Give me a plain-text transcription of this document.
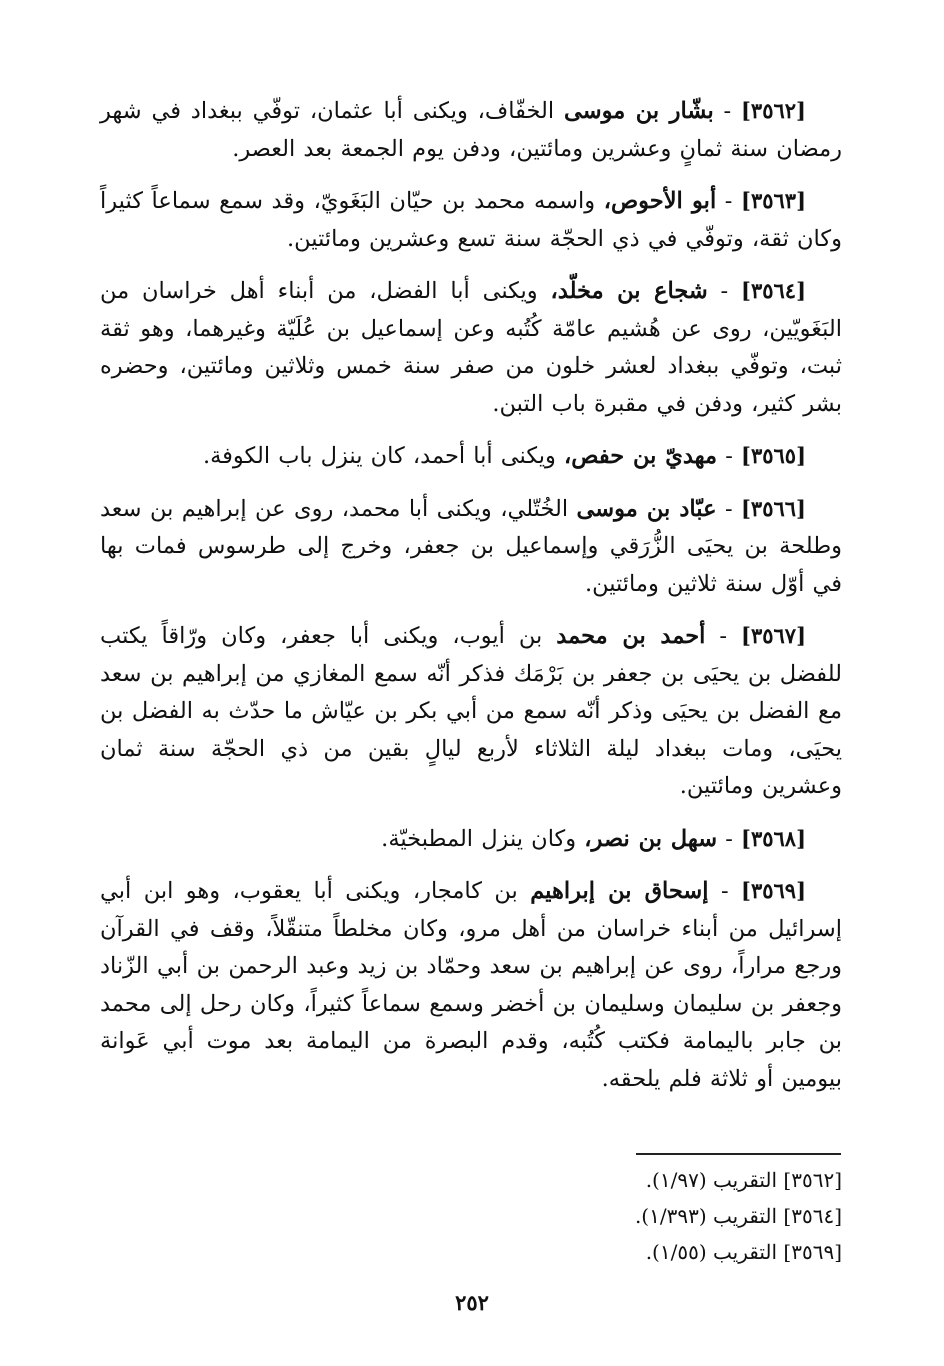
[٣٥٦٢] - بشّار بن موسى الخفّاف، ويكنى أبا عثمان، توفّي ببغداد في شهر رمضان سنة ثمانٍ وعشرين ومائتين، ودفن يوم الجمعة بعد العصر.

[٣٥٦٣] - أبو الأحوص، واسمه محمد بن حيّان البَغَويّ، وقد سمع سماعاً كثيراً وكان ثقة، وتوفّي في ذي الحجّة سنة تسع وعشرين ومائتين.

[٣٥٦٤] - شجاع بن مخلّد، ويكنى أبا الفضل، من أبناء أهل خراسان من البَغَويّين، روى عن هُشيم عامّة كُتُبه وعن إسماعيل بن عُلَيّة وغيرهما، وهو ثقة ثبت، وتوفّي ببغداد لعشر خلون من صفر سنة خمس وثلاثين ومائتين، وحضره بشر كثير، ودفن في مقبرة باب التبن.

[٣٥٦٥] - مهديّ بن حفص، ويكنى أبا أحمد، كان ينزل باب الكوفة.

[٣٥٦٦] - عبّاد بن موسى الخُتّلي، ويكنى أبا محمد، روى عن إبراهيم بن سعد وطلحة بن يحيَى الزُّرَقي وإسماعيل بن جعفر، وخرج إلى طرسوس فمات بها في أوّل سنة ثلاثين ومائتين.

[٣٥٦٧] - أحمد بن محمد بن أيوب، ويكنى أبا جعفر، وكان ورّاقاً يكتب للفضل بن يحيَى بن جعفر بن بَرْمَك فذكر أنّه سمع المغازي من إبراهيم بن سعد مع الفضل بن يحيَى وذكر أنّه سمع من أبي بكر بن عيّاش ما حدّث به الفضل بن يحيَى، ومات ببغداد ليلة الثلاثاء لأربع ليالٍ بقين من ذي الحجّة سنة ثمان وعشرين ومائتين.

[٣٥٦٨] - سهل بن نصر، وكان ينزل المطبخيّة.

[٣٥٦٩] - إسحاق بن إبراهيم بن كامجار، ويكنى أبا يعقوب، وهو ابن أبي إسرائيل من أبناء خراسان من أهل مرو، وكان مخلطاً متنقّلاً، وقف في القرآن ورجع مراراً، روى عن إبراهيم بن سعد وحمّاد بن زيد وعبد الرحمن بن أبي الزّناد وجعفر بن سليمان وسليمان بن أخضر وسمع سماعاً كثيراً، وكان رحل إلى محمد بن جابر باليمامة فكتب كُتُبه، وقدم البصرة من اليمامة بعد موت أبي عَوانة بيومين أو ثلاثة فلم يلحقه.

[٣٥٦٢] التقريب (١/٩٧).
[٣٥٦٤] التقريب (١/٣٩٣).
[٣٥٦٩] التقريب (١/٥٥).
٢٥٢
